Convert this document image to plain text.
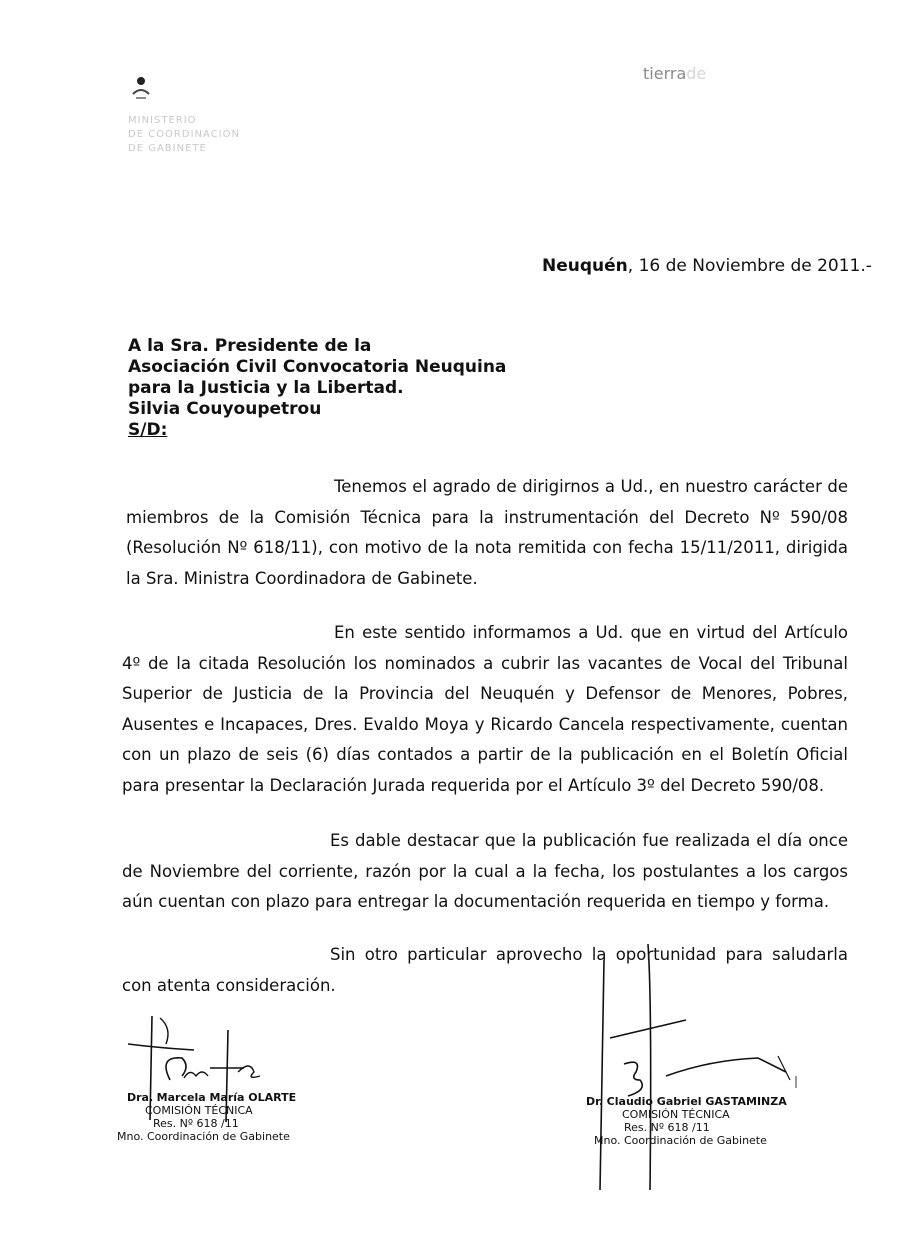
MINISTERIO
DE COORDINACIÓN
DE GABINETE
tierrade
Neuquén, 16 de Noviembre de 2011.-
A la Sra. Presidente de la
Asociación Civil Convocatoria Neuquina
para la Justicia y la Libertad.
Silvia Couyoupetrou
S/D:
Tenemos el agrado de dirigirnos a Ud., en nuestro carácter de miembros de la Comisión Técnica para la instrumentación del Decreto Nº 590/08 (Resolución Nº 618/11), con motivo de la nota remitida con fecha 15/11/2011, dirigida la Sra. Ministra Coordinadora de Gabinete.
En este sentido informamos a Ud. que en virtud del Artículo 4º de la citada Resolución los nominados a cubrir las vacantes de Vocal del Tribunal Superior de Justicia de la Provincia del Neuquén y Defensor de Menores, Pobres, Ausentes e Incapaces, Dres. Evaldo Moya y Ricardo Cancela respectivamente, cuentan con un plazo de seis (6) días contados a partir de la publicación en el Boletín Oficial para presentar la Declaración Jurada requerida por el Artículo 3º del Decreto 590/08.
Es dable destacar que la publicación fue realizada el día once de Noviembre del corriente, razón por la cual a la fecha, los postulantes a los cargos aún cuentan con plazo para entregar la documentación requerida en tiempo y forma.
Sin otro particular aprovecho la oportunidad para saludarla con atenta consideración.
Dra. Marcela María OLARTE
COMISIÓN TÉCNICA
Res. Nº 618 /11
Mno. Coordinación de Gabinete
Dr. Claudio Gabriel GASTAMINZA
COMISIÓN TÉCNICA
Res. Nº 618 /11
Mno. Coordinación de Gabinete
